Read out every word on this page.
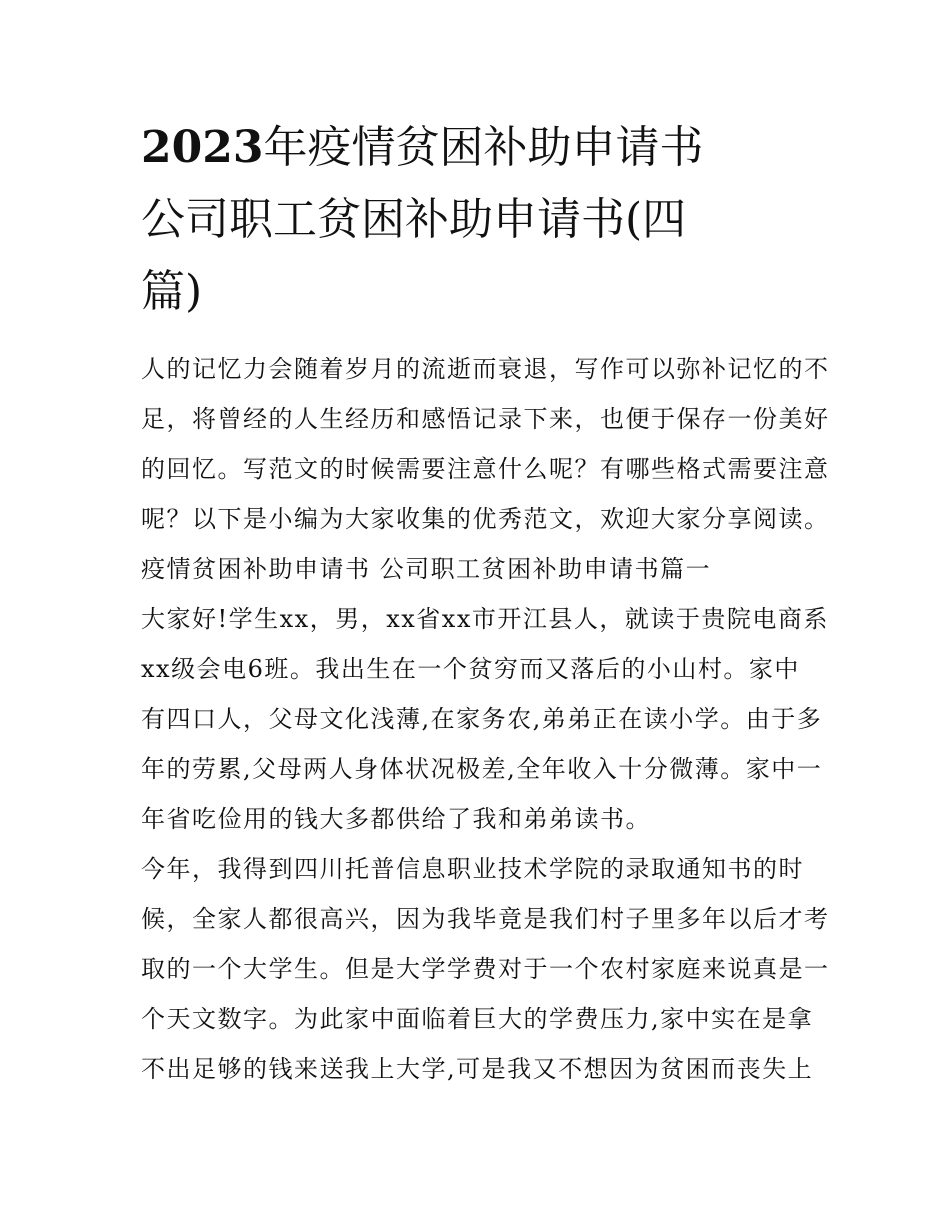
2023年疫情贫困补助申请书
公司职工贫困补助申请书(四
篇)

人的记忆力会随着岁月的流逝而衰退，写作可以弥补记忆的不

足，将曾经的人生经历和感悟记录下来，也便于保存一份美好

的回忆。写范文的时候需要注意什么呢？有哪些格式需要注意

呢？以下是小编为大家收集的优秀范文，欢迎大家分享阅读。

疫情贫困补助申请书 公司职工贫困补助申请书篇一

大家好!学生xx，男，xx省xx市开江县人，就读于贵院电商系

xx级会电6班。我出生在一个贫穷而又落后的小山村。家中

有四口人，父母文化浅薄,在家务农,弟弟正在读小学。由于多

年的劳累,父母两人身体状况极差,全年收入十分微薄。家中一

年省吃俭用的钱大多都供给了我和弟弟读书。

今年，我得到四川托普信息职业技术学院的录取通知书的时

候，全家人都很高兴，因为我毕竟是我们村子里多年以后才考

取的一个大学生。但是大学学费对于一个农村家庭来说真是一

个天文数字。为此家中面临着巨大的学费压力,家中实在是拿

不出足够的钱来送我上大学,可是我又不想因为贫困而丧失上
